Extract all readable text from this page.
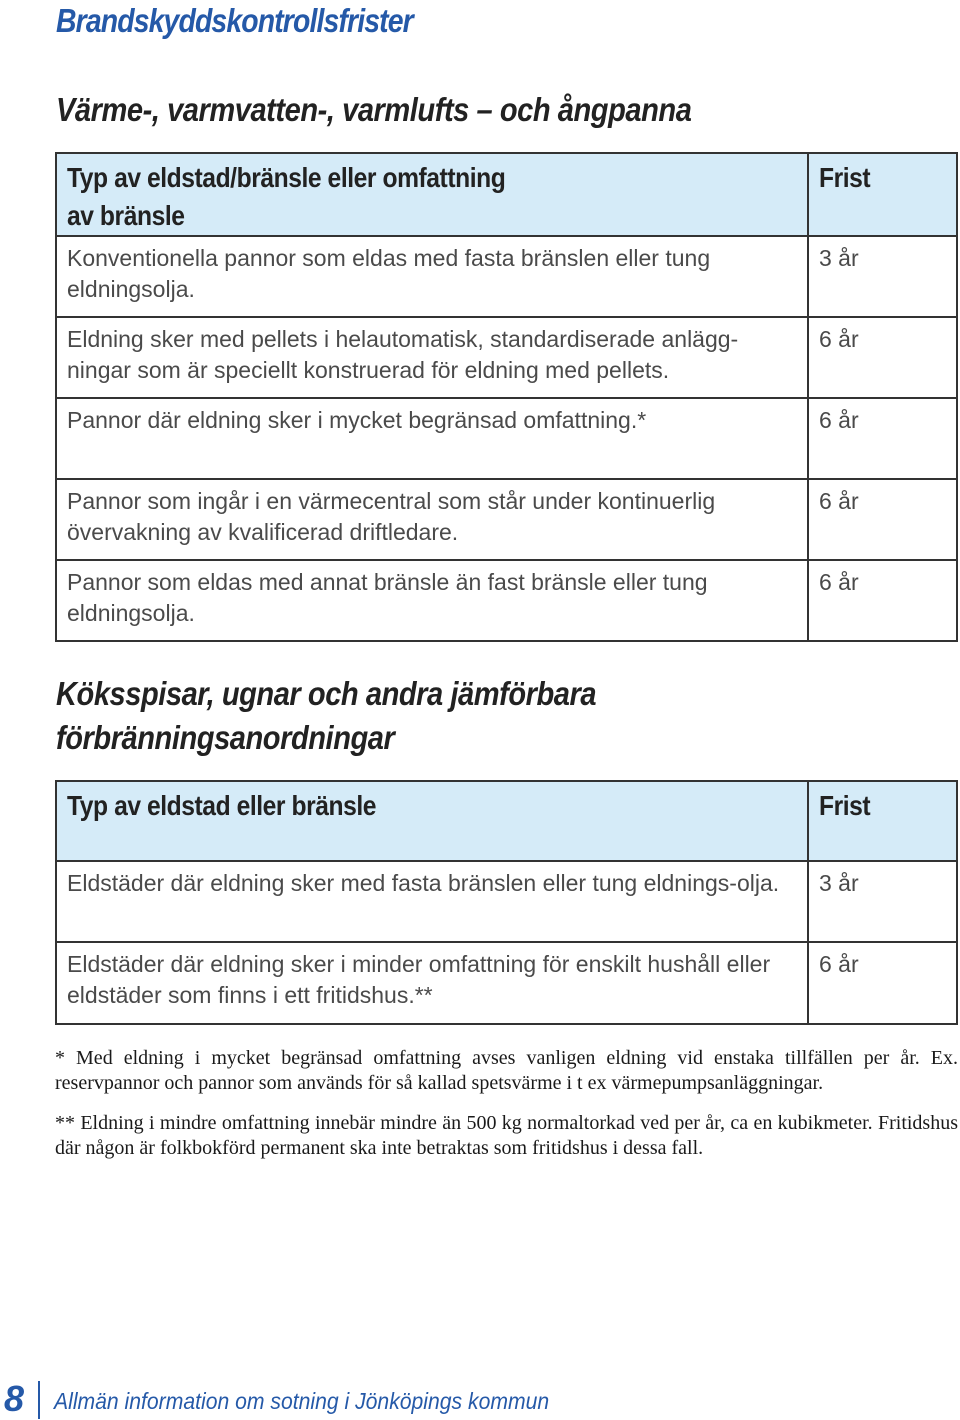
Brandskyddskontrollsfrister
Värme-, varmvatten-, varmlufts – och ångpanna
Typ av eldstad/bränsle eller omfattning
av bränsle	Frist
Konventionella pannor som eldas med fasta bränslen eller tung eldningsolja.	3 år
Eldning sker med pellets i helautomatisk, standardiserade anlägg-ningar som är speciellt konstruerad för eldning med pellets.	6 år
Pannor där eldning sker i mycket begränsad omfattning.*	6 år
Pannor som ingår i en värmecentral som står under kontinuerlig övervakning av kvalificerad driftledare.	6 år
Pannor som eldas med annat bränsle än fast bränsle eller tung eldningsolja.	6 år
Köksspisar, ugnar och andra jämförbara
förbränningsanordningar
Typ av eldstad eller bränsle	Frist
Eldstäder där eldning sker med fasta bränslen eller tung eldnings-olja.	3 år
Eldstäder där eldning sker i minder omfattning för enskilt hushåll eller eldstäder som finns i ett fritidshus.**	6 år

* Med eldning i mycket begränsad omfattning avses vanligen eldning vid enstaka tillfällen per år. Ex. reservpannor och pannor som används för så kallad spetsvärme i t ex värmepumpsanläggningar.

** Eldning i mindre omfattning innebär mindre än 500 kg normaltorkad ved per år, ca en kubikmeter. Fritidshus där någon är folkbokförd permanent ska inte betraktas som fritidshus i dessa fall.

8 Allmän information om sotning i Jönköpings kommun
